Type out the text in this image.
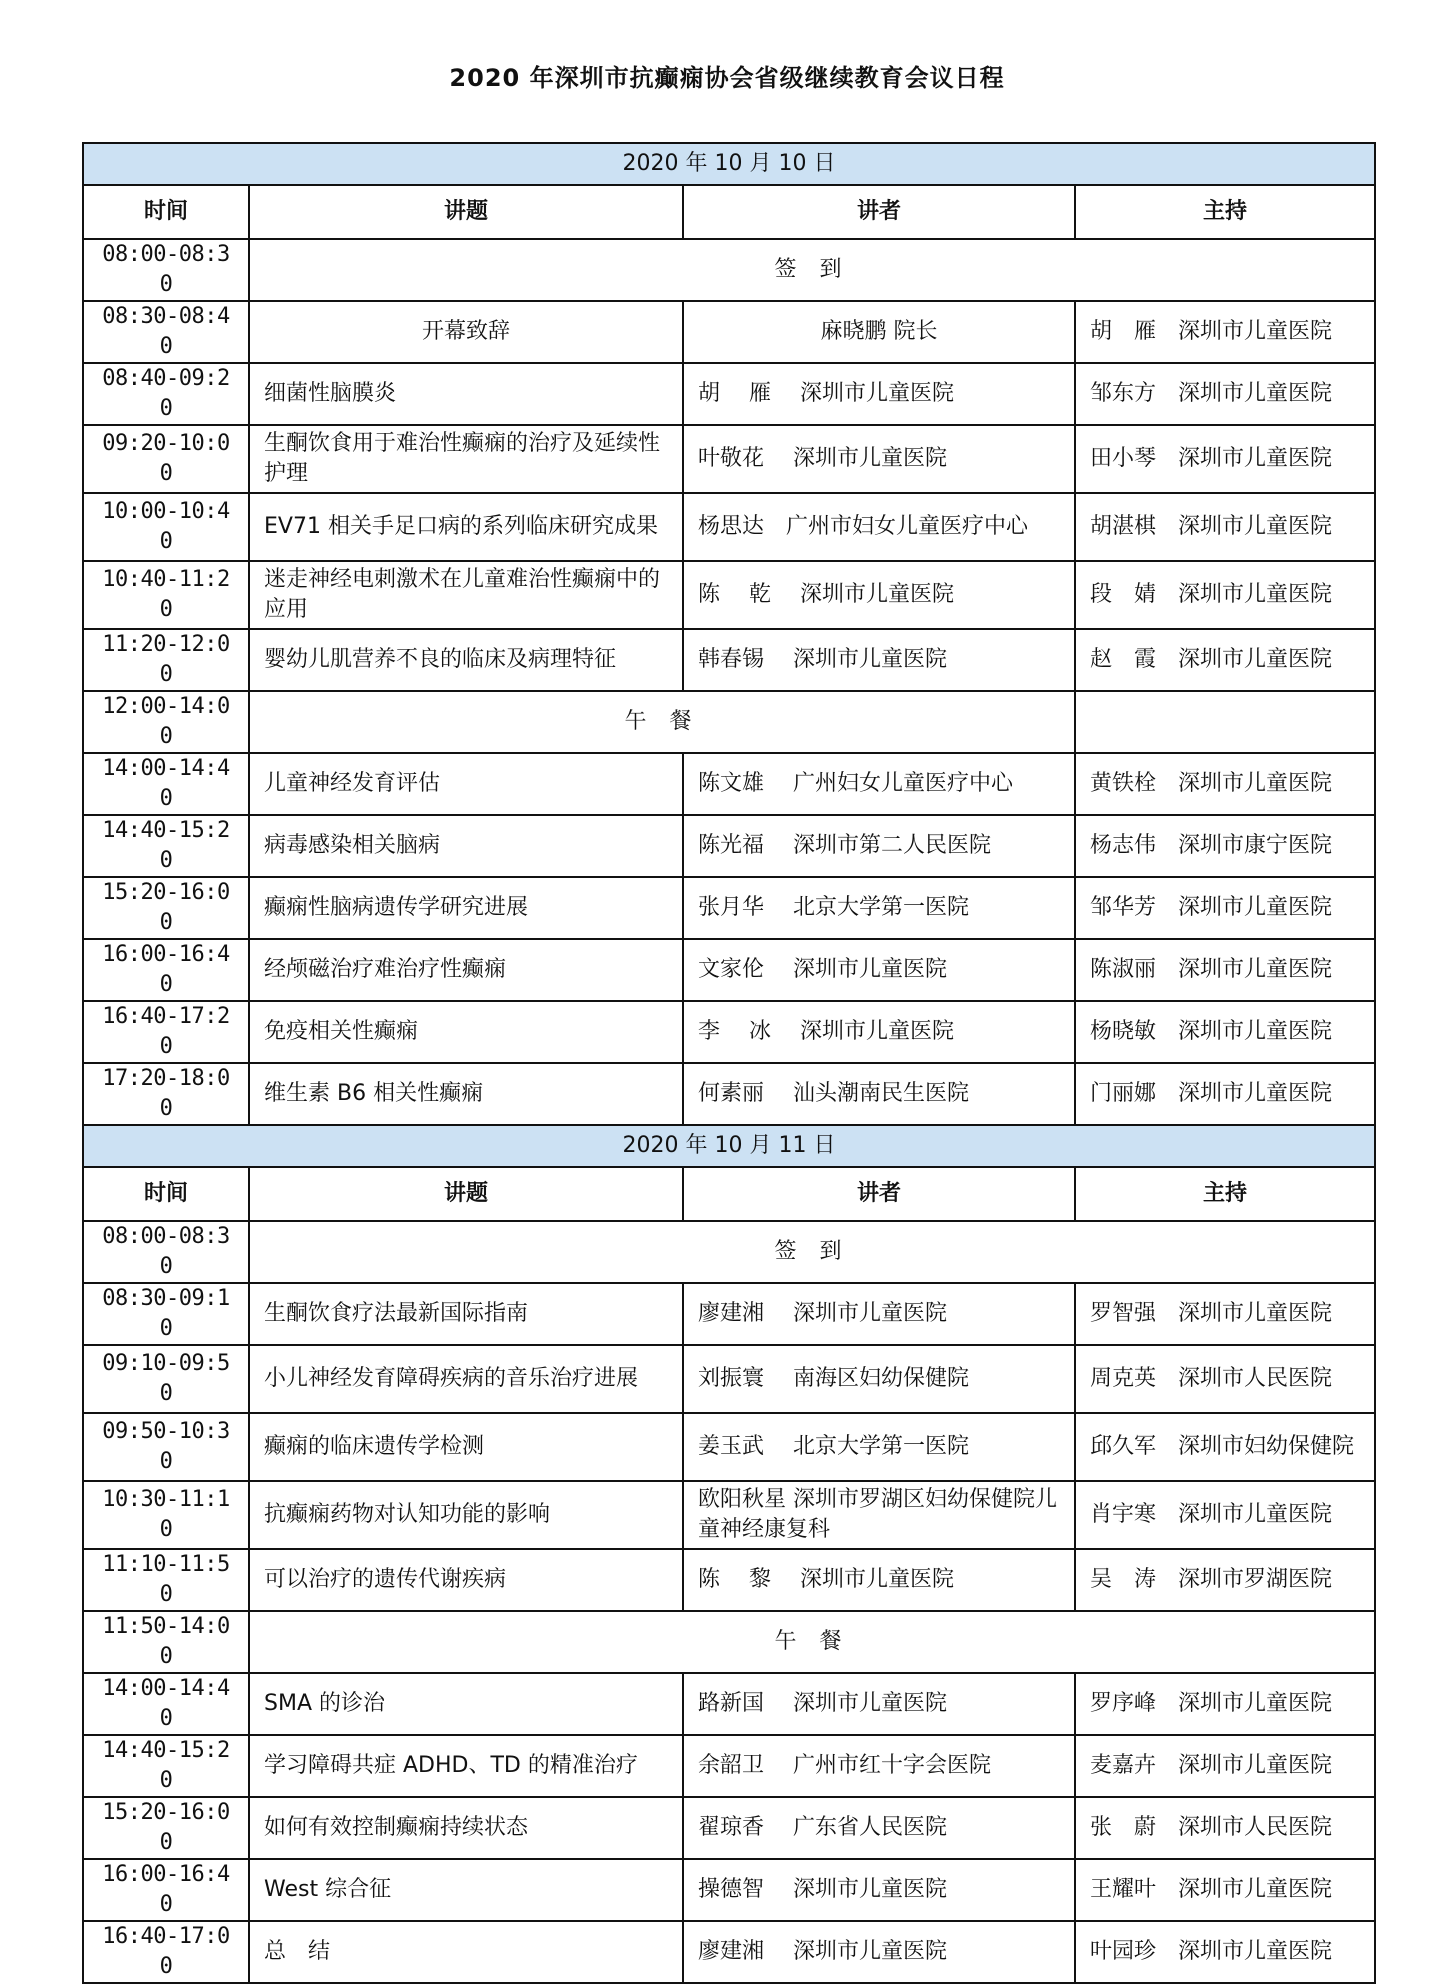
2020 年深圳市抗癫痫协会省级继续教育会议日程
2020 年 10 月 10 日			
时间	讲题	讲者	主持
08:00-08:30	签 到		
08:30-08:40	开幕致辞	麻晓鹏 院长	胡　雁　深圳市儿童医院
08:40-09:20	细菌性脑膜炎	胡　 雁　 深圳市儿童医院	邹东方　深圳市儿童医院
09:20-10:00	生酮饮食用于难治性癫痫的治疗及延续性护理	叶敬花　 深圳市儿童医院	田小琴　深圳市儿童医院
10:00-10:40	EV71 相关手足口病的系列临床研究成果	杨思达　广州市妇女儿童医疗中心	胡湛棋　深圳市儿童医院
10:40-11:20	迷走神经电刺激术在儿童难治性癫痫中的应用	陈　 乾　 深圳市儿童医院	段　婧　深圳市儿童医院
11:20-12:00	婴幼儿肌营养不良的临床及病理特征	韩春锡　 深圳市儿童医院	赵　霞　深圳市儿童医院
12:00-14:00	午 餐		
14:00-14:40	儿童神经发育评估	陈文雄　 广州妇女儿童医疗中心	黄铁栓　深圳市儿童医院
14:40-15:20	病毒感染相关脑病	陈光福　 深圳市第二人民医院	杨志伟　深圳市康宁医院
15:20-16:00	癫痫性脑病遗传学研究进展	张月华　 北京大学第一医院	邹华芳　深圳市儿童医院
16:00-16:40	经颅磁治疗难治疗性癫痫	文家伦　 深圳市儿童医院	陈淑丽　深圳市儿童医院
16:40-17:20	免疫相关性癫痫	李　 冰　 深圳市儿童医院	杨晓敏　深圳市儿童医院
17:20-18:00	维生素 B6 相关性癫痫	何素丽　 汕头潮南民生医院	门丽娜　深圳市儿童医院
2020 年 10 月 11 日			
时间	讲题	讲者	主持
08:00-08:30	签 到		
08:30-09:10	生酮饮食疗法最新国际指南	廖建湘　 深圳市儿童医院	罗智强　深圳市儿童医院
09:10-09:50	小儿神经发育障碍疾病的音乐治疗进展	刘振寰　 南海区妇幼保健院	周克英　深圳市人民医院
09:50-10:30	癫痫的临床遗传学检测	姜玉武　 北京大学第一医院	邱久军　深圳市妇幼保健院
10:30-11:10	抗癫痫药物对认知功能的影响	欧阳秋星 深圳市罗湖区妇幼保健院儿童神经康复科	肖宇寒　深圳市儿童医院
11:10-11:50	可以治疗的遗传代谢疾病	陈　 黎　 深圳市儿童医院	吴　涛　深圳市罗湖医院
11:50-14:00	午 餐		
14:00-14:40	SMA 的诊治	路新国　 深圳市儿童医院	罗序峰　深圳市儿童医院
14:40-15:20	学习障碍共症 ADHD、TD 的精准治疗	余韶卫　 广州市红十字会医院	麦嘉卉　深圳市儿童医院
15:20-16:00	如何有效控制癫痫持续状态	翟琼香　 广东省人民医院	张　蔚　深圳市人民医院
16:00-16:40	West 综合征	操德智　 深圳市儿童医院	王耀叶　深圳市儿童医院
16:40-17:00	总　结	廖建湘　 深圳市儿童医院	叶园珍　深圳市儿童医院
